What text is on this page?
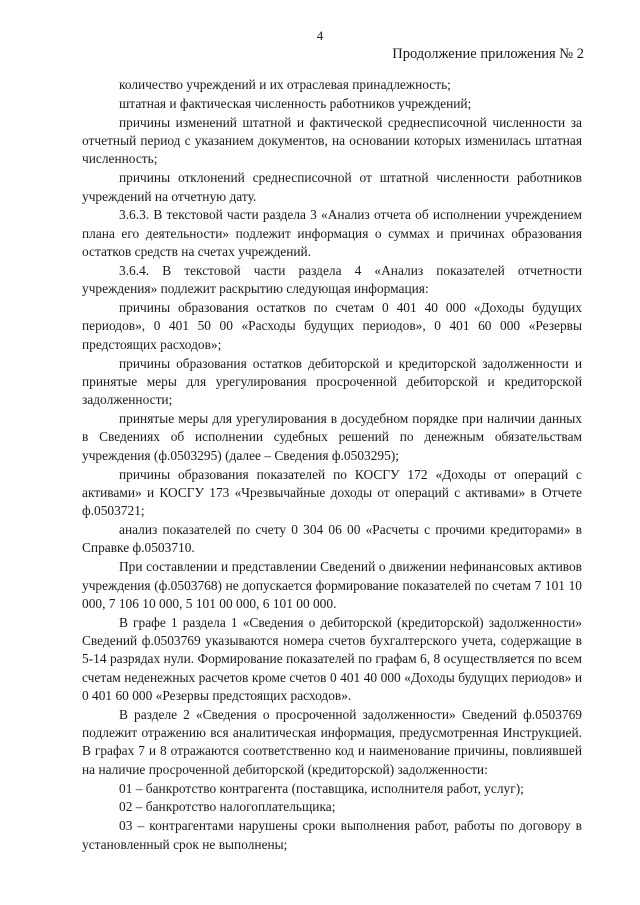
4
Продолжение приложения № 2

количество учреждений и их отраслевая принадлежность;

штатная и фактическая численность работников учреждений;

причины изменений штатной и фактической среднесписочной численности за отчетный период с указанием документов, на основании которых изменилась штатная численность;

причины отклонений среднесписочной от штатной численности работников учреждений на отчетную дату.

3.6.3. В текстовой части раздела 3 «Анализ отчета об исполнении учреждением плана его деятельности» подлежит информация о суммах и причинах образования остатков средств на счетах учреждений.

3.6.4. В текстовой части раздела 4 «Анализ показателей отчетности учреждения» подлежит раскрытию следующая информация:

причины образования остатков по счетам 0 401 40 000 «Доходы будущих периодов», 0 401 50 00 «Расходы будущих периодов», 0 401 60 000 «Резервы предстоящих расходов»;

причины образования остатков дебиторской и кредиторской задолженности и принятые меры для урегулирования просроченной дебиторской и кредиторской задолженности;

принятые меры для урегулирования в досудебном порядке при наличии данных в Сведениях об исполнении судебных решений по денежным обязательствам учреждения (ф.0503295) (далее – Сведения ф.0503295);

причины образования показателей по КОСГУ 172 «Доходы от операций с активами» и КОСГУ 173 «Чрезвычайные доходы от операций с активами» в Отчете ф.0503721;

анализ показателей по счету 0 304 06 00 «Расчеты с прочими кредиторами» в Справке ф.0503710.

При составлении и представлении Сведений о движении нефинансовых активов учреждения (ф.0503768) не допускается формирование показателей по счетам 7 101 10 000, 7 106 10 000, 5 101 00 000, 6 101 00 000.

В графе 1 раздела 1 «Сведения о дебиторской (кредиторской) задолженности» Сведений ф.0503769 указываются номера счетов бухгалтерского учета, содержащие в 5-14 разрядах нули. Формирование показателей по графам 6, 8 осуществляется по всем счетам неденежных расчетов кроме счетов 0 401 40 000 «Доходы будущих периодов» и 0 401 60 000 «Резервы предстоящих расходов».

В разделе 2 «Сведения о просроченной задолженности» Сведений ф.0503769 подлежит отражению вся аналитическая информация, предусмотренная Инструкцией. В графах 7 и 8 отражаются соответственно код и наименование причины, повлиявшей на наличие просроченной дебиторской (кредиторской) задолженности:

01 – банкротство контрагента (поставщика, исполнителя работ, услуг);

02 – банкротство налогоплательщика;

03 – контрагентами нарушены сроки выполнения работ, работы по договору в установленный срок не выполнены;
